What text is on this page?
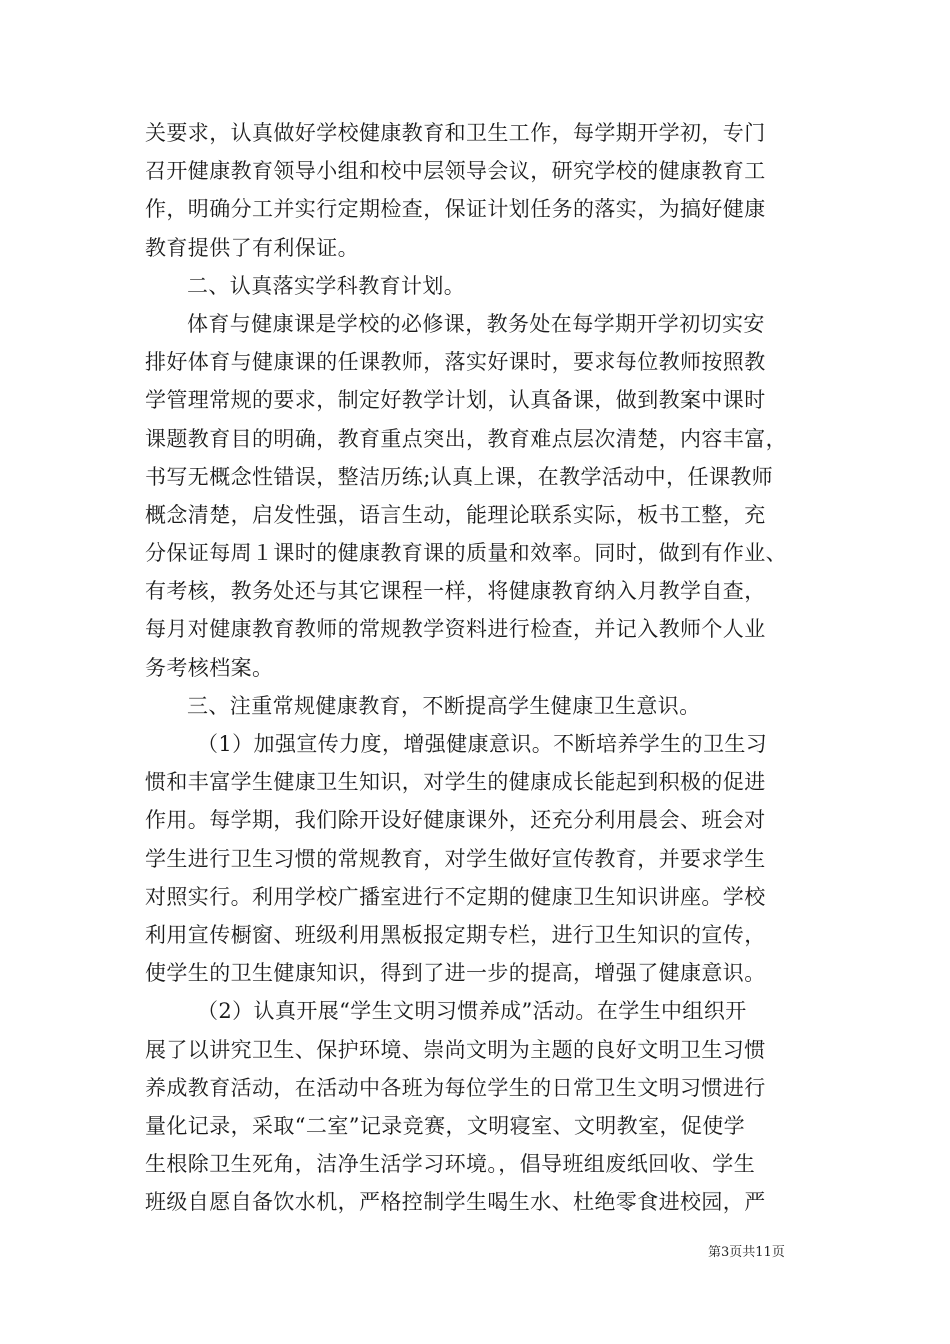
关要求，认真做好学校健康教育和卫生工作，每学期开学初，专门
召开健康教育领导小组和校中层领导会议，研究学校的健康教育工
作，明确分工并实行定期检查，保证计划任务的落实，为搞好健康
教育提供了有利保证。
二、认真落实学科教育计划。
体育与健康课是学校的必修课，教务处在每学期开学初切实安
排好体育与健康课的任课教师，落实好课时，要求每位教师按照教
学管理常规的要求，制定好教学计划，认真备课，做到教案中课时
课题教育目的明确，教育重点突出，教育难点层次清楚，内容丰富，
书写无概念性错误，整洁历练;认真上课，在教学活动中，任课教师
概念清楚，启发性强，语言生动，能理论联系实际，板书工整，充
分保证每周１课时的健康教育课的质量和效率。同时，做到有作业、
有考核，教务处还与其它课程一样，将健康教育纳入月教学自查，
每月对健康教育教师的常规教学资料进行检查，并记入教师个人业
务考核档案。
三、注重常规健康教育，不断提高学生健康卫生意识。
（1）加强宣传力度，增强健康意识。不断培养学生的卫生习
惯和丰富学生健康卫生知识，对学生的健康成长能起到积极的促进
作用。每学期，我们除开设好健康课外，还充分利用晨会、班会对
学生进行卫生习惯的常规教育，对学生做好宣传教育，并要求学生
对照实行。利用学校广播室进行不定期的健康卫生知识讲座。学校
利用宣传橱窗、班级利用黑板报定期专栏，进行卫生知识的宣传，
使学生的卫生健康知识，得到了进一步的提高，增强了健康意识。
（2）认真开展“学生文明习惯养成”活动。在学生中组织开
展了以讲究卫生、保护环境、崇尚文明为主题的良好文明卫生习惯
养成教育活动，在活动中各班为每位学生的日常卫生文明习惯进行
量化记录，采取“二室”记录竞赛，文明寝室、文明教室，促使学
生根除卫生死角，洁净生活学习环境。，倡导班组废纸回收、学生
班级自愿自备饮水机，严格控制学生喝生水、杜绝零食进校园，严
第3页共11页
